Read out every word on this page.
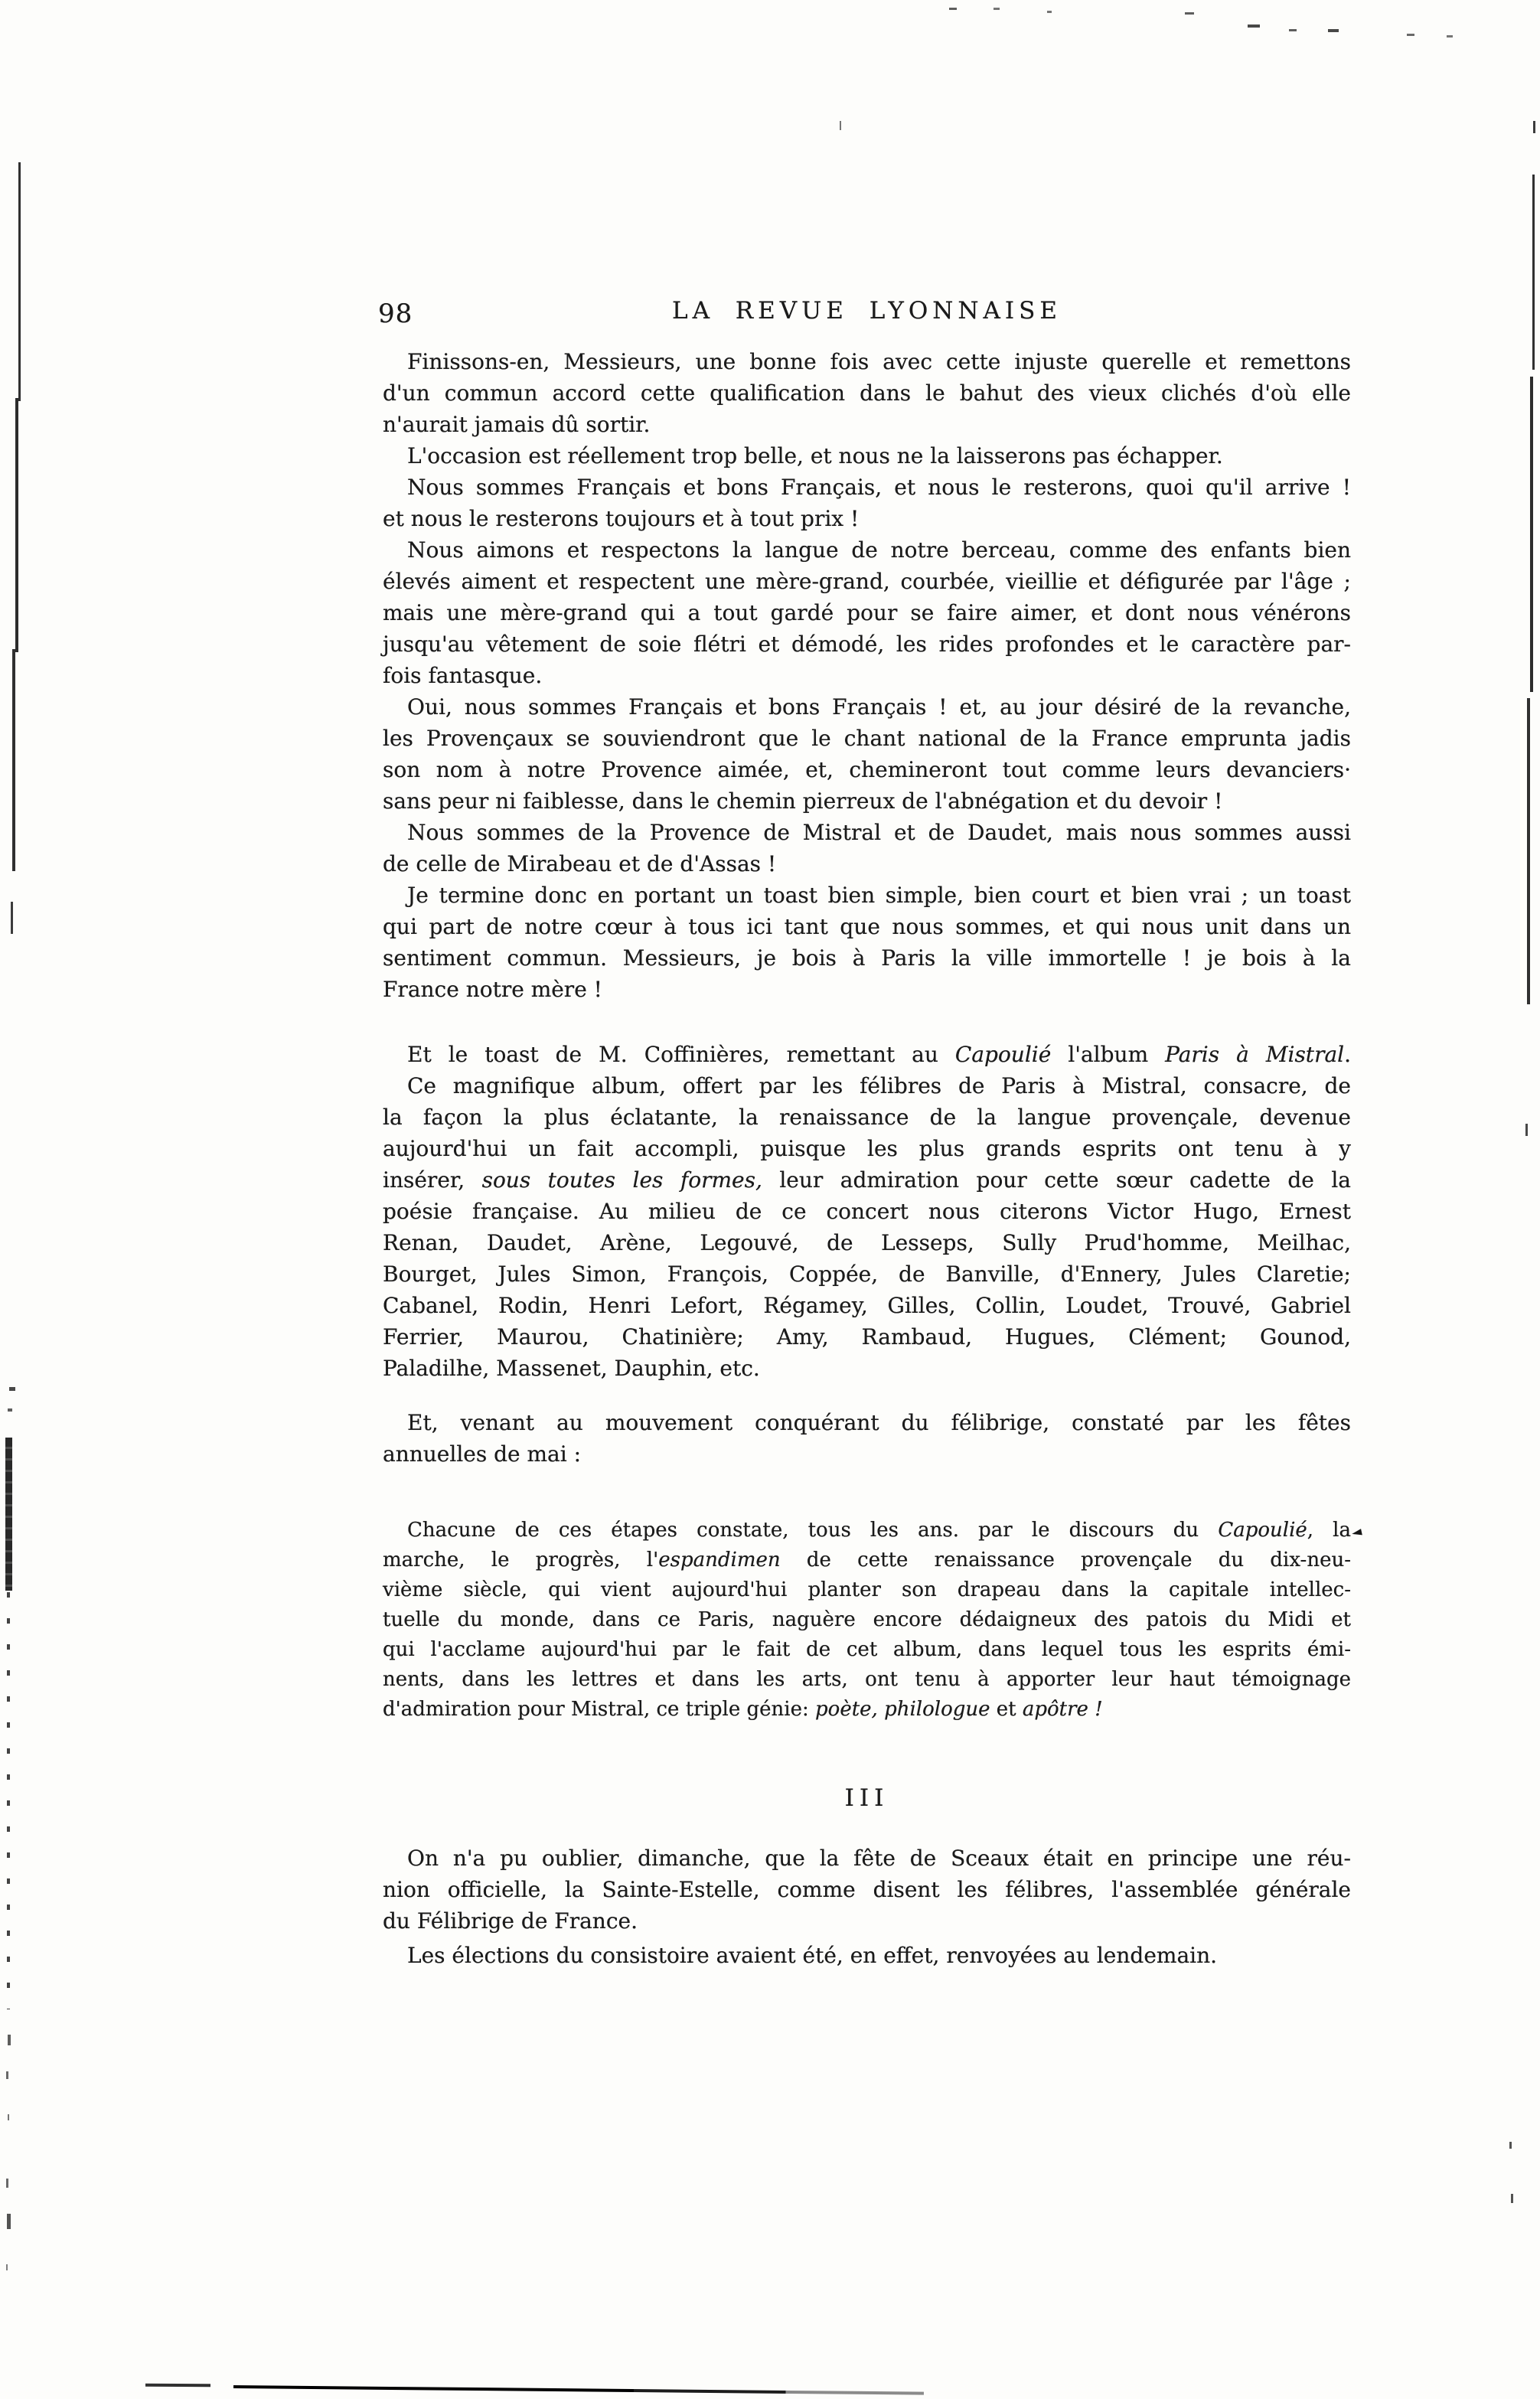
98	LA REVUE LYONNAISE
Finissons-en, Messieurs, une bonne fois avec cette injuste querelle et remettons
d'un commun accord cette qualification dans le bahut des vieux clichés d'où elle
n'aurait jamais dû sortir.
L'occasion est réellement trop belle, et nous ne la laisserons pas échapper.
Nous sommes Français et bons Français, et nous le resterons, quoi qu'il arrive !
et nous le resterons toujours et à tout prix !
Nous aimons et respectons la langue de notre berceau, comme des enfants bien
élevés aiment et respectent une mère-grand, courbée, vieillie et défigurée par l'âge ;
mais une mère-grand qui a tout gardé pour se faire aimer, et dont nous vénérons
jusqu'au vêtement de soie flétri et démodé, les rides profondes et le caractère par-
fois fantasque.
Oui, nous sommes Français et bons Français ! et, au jour désiré de la revanche,
les Provençaux se souviendront que le chant national de la France emprunta jadis
son nom à notre Provence aimée, et, chemineront tout comme leurs devanciers·
sans peur ni faiblesse, dans le chemin pierreux de l'abnégation et du devoir !
Nous sommes de la Provence de Mistral et de Daudet, mais nous sommes aussi
de celle de Mirabeau et de d'Assas !
Je termine donc en portant un toast bien simple, bien court et bien vrai ; un toast
qui part de notre cœur à tous ici tant que nous sommes, et qui nous unit dans un
sentiment commun. Messieurs, je bois à Paris la ville immortelle ! je bois à la
France notre mère !
Et le toast de M. Coffinières, remettant au Capoulié l'album Paris à Mistral.
Ce magnifique album, offert par les félibres de Paris à Mistral, consacre, de
la façon la plus éclatante, la renaissance de la langue provençale, devenue
aujourd'hui un fait accompli, puisque les plus grands esprits ont tenu à y
insérer, sous toutes les formes, leur admiration pour cette sœur cadette de la
poésie française. Au milieu de ce concert nous citerons Victor Hugo, Ernest
Renan, Daudet, Arène, Legouvé, de Lesseps, Sully Prud'homme, Meilhac,
Bourget, Jules Simon, François, Coppée, de Banville, d'Ennery, Jules Claretie;
Cabanel, Rodin, Henri Lefort, Régamey, Gilles, Collin, Loudet, Trouvé, Gabriel
Ferrier, Maurou, Chatinière; Amy, Rambaud, Hugues, Clément; Gounod,
Paladilhe, Massenet, Dauphin, etc.
Et, venant au mouvement conquérant du félibrige, constaté par les fêtes
annuelles de mai :
Chacune de ces étapes constate, tous les ans. par le discours du Capoulié, la
marche, le progrès, l'espandimen de cette renaissance provençale du dix-neu-
vième siècle, qui vient aujourd'hui planter son drapeau dans la capitale intellec-
tuelle du monde, dans ce Paris, naguère encore dédaigneux des patois du Midi et
qui l'acclame aujourd'hui par le fait de cet album, dans lequel tous les esprits émi-
nents, dans les lettres et dans les arts, ont tenu à apporter leur haut témoignage
d'admiration pour Mistral, ce triple génie: poète, philologue et apôtre !
III
On n'a pu oublier, dimanche, que la fête de Sceaux était en principe une réu-
nion officielle, la Sainte-Estelle, comme disent les félibres, l'assemblée générale
du Félibrige de France.
Les élections du consistoire avaient été, en effet, renvoyées au lendemain.
◄
